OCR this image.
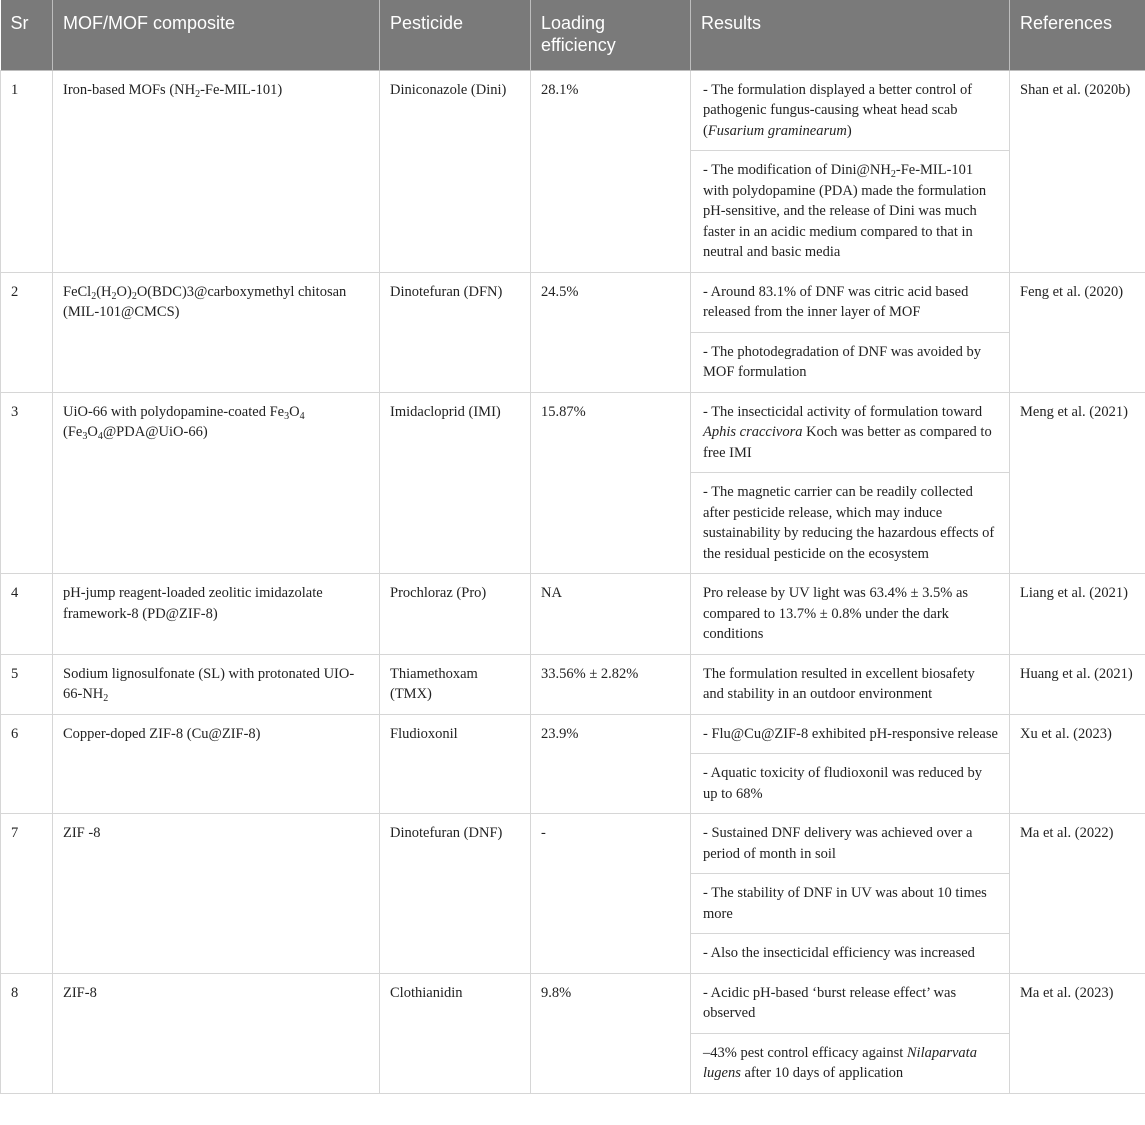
Sr	MOF/MOF composite	Pesticide	Loading efficiency	Results	References
1	Iron-based MOFs $(NH_2-Fe-MIL-101)$	Diniconazole (Dini)	28.1%	- The formulation displayed a better control of pathogenic fungus-causing wheat head scab (Fusarium graminearum)	Shan et al. (2020b)
				- The modification of $Dini@NH_2-Fe-MIL-101$ with polydopamine (PDA) made the formulation pH-sensitive, and the release of Dini was much faster in an acidic medium compared to that in neutral and basic media	
2	$FeCl_2(H_2O)_2O(BDC)3@carboxymethyl$ chitosan (MIL-101@CMCS)	Dinotefuran (DFN)	24.5%	- Around 83.1% of DNF was citric acid based released from the inner layer of MOF	Feng et al. (2020)
				- The photodegradation of DNF was avoided by MOF formulation	
3	UiO-66 with polydopamine-coated $Fe_3O_4$ $(Fe_3O_4@PDA@UiO-66)$	Imidacloprid (IMI)	15.87%	- The insecticidal activity of formulation toward Aphis craccivora Koch was better as compared to free IMI	Meng et al. (2021)
				- The magnetic carrier can be readily collected after pesticide release, which may induce sustainability by reducing the hazardous effects of the residual pesticide on the ecosystem	
4	pH-jump reagent-loaded zeolitic imidazolate framework-8 (PD@ZIF-8)	Prochloraz (Pro)	NA	Pro release by UV light was 63.4% ± 3.5% as compared to 13.7% ± 0.8% under the dark conditions	Liang et al. (2021)
5	Sodium lignosulfonate (SL) with protonated UIO-$66-NH_2$	Thiamethoxam (TMX)	33.56% ± 2.82%	The formulation resulted in excellent biosafety and stability in an outdoor environment	Huang et al. (2021)
6	Copper-doped ZIF-8 (Cu@ZIF-8)	Fludioxonil	23.9%	- Flu@Cu@ZIF-8 exhibited pH-responsive release	Xu et al. (2023)
				- Aquatic toxicity of fludioxonil was reduced by up to 68%	
7	ZIF -8	Dinotefuran (DNF)	-	- Sustained DNF delivery was achieved over a period of month in soil	Ma et al. (2022)
				- The stability of DNF in UV was about 10 times more	
				- Also the insecticidal efficiency was increased	
8	ZIF-8	Clothianidin	9.8%	- Acidic pH-based ‘burst release effect’ was observed	Ma et al. (2023)
				–43% pest control efficacy against Nilaparvata lugens after 10 days of application	
